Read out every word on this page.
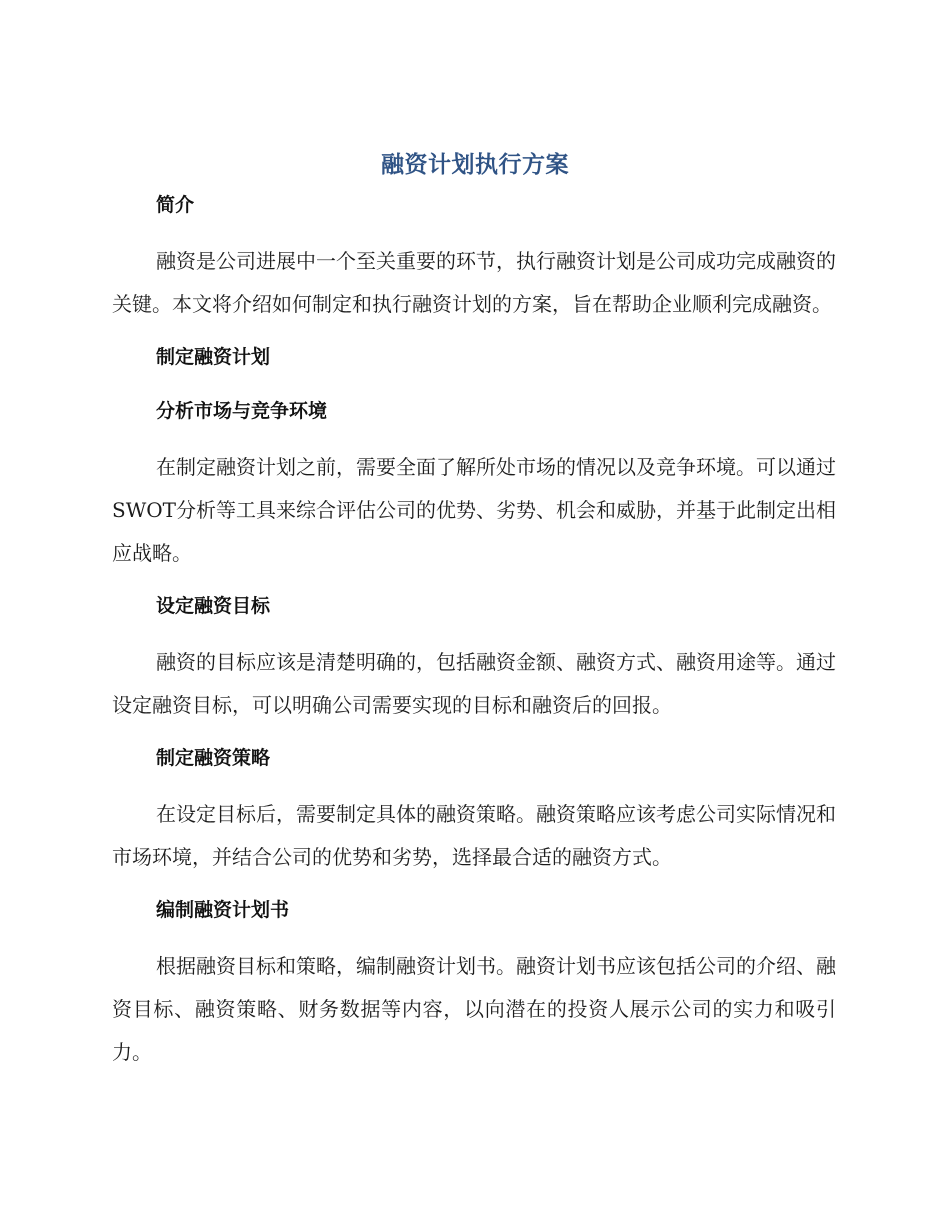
融资计划执行方案
简介

融资是公司进展中一个至关重要的环节，执行融资计划是公司成功完成融资的关键。本文将介绍如何制定和执行融资计划的方案，旨在帮助企业顺利完成融资。

制定融资计划
分析市场与竞争环境

在制定融资计划之前，需要全面了解所处市场的情况以及竞争环境。可以通过SWOT分析等工具来综合评估公司的优势、劣势、机会和威胁，并基于此制定出相应战略。

设定融资目标

融资的目标应该是清楚明确的，包括融资金额、融资方式、融资用途等。通过设定融资目标，可以明确公司需要实现的目标和融资后的回报。

制定融资策略

在设定目标后，需要制定具体的融资策略。融资策略应该考虑公司实际情况和市场环境，并结合公司的优势和劣势，选择最合适的融资方式。

编制融资计划书

根据融资目标和策略，编制融资计划书。融资计划书应该包括公司的介绍、融资目标、融资策略、财务数据等内容，以向潜在的投资人展示公司的实力和吸引力。
